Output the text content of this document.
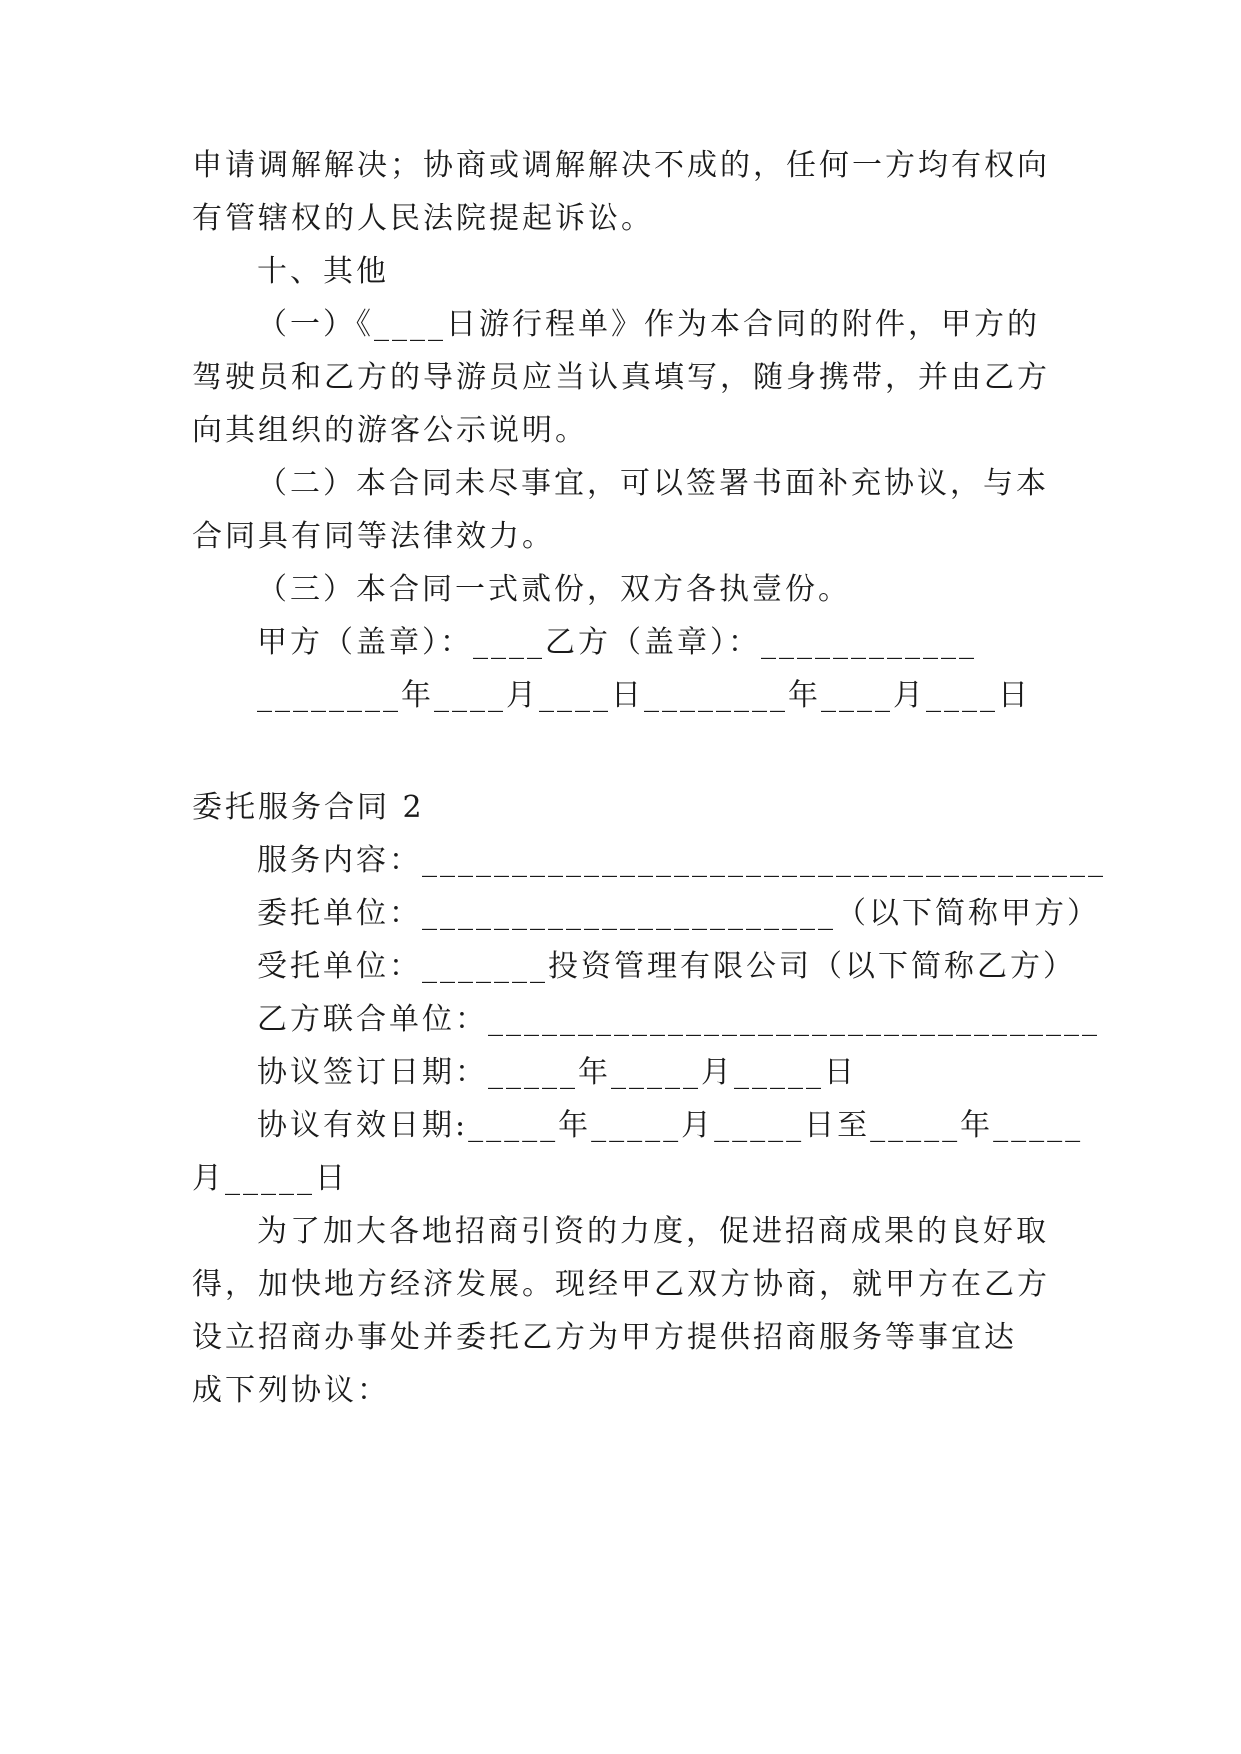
申请调解解决；协商或调解解决不成的，任何一方均有权向
有管辖权的人民法院提起诉讼。
十、其他
（一）《____日游行程单》作为本合同的附件，甲方的
驾驶员和乙方的导游员应当认真填写，随身携带，并由乙方
向其组织的游客公示说明。
（二）本合同未尽事宜，可以签署书面补充协议，与本
合同具有同等法律效力。
（三）本合同一式贰份，双方各执壹份。
甲方（盖章）：____乙方（盖章）：____________
________年____月____日________年____月____日
委托服务合同 2
服务内容：______________________________________
委托单位：_______________________（以下简称甲方）
受托单位：_______投资管理有限公司（以下简称乙方）
乙方联合单位：__________________________________
协议签订日期：_____年_____月_____日
协议有效日期:_____年_____月_____日至_____年_____
月_____日
为了加大各地招商引资的力度，促进招商成果的良好取
得，加快地方经济发展。现经甲乙双方协商，就甲方在乙方
设立招商办事处并委托乙方为甲方提供招商服务等事宜达
成下列协议：
